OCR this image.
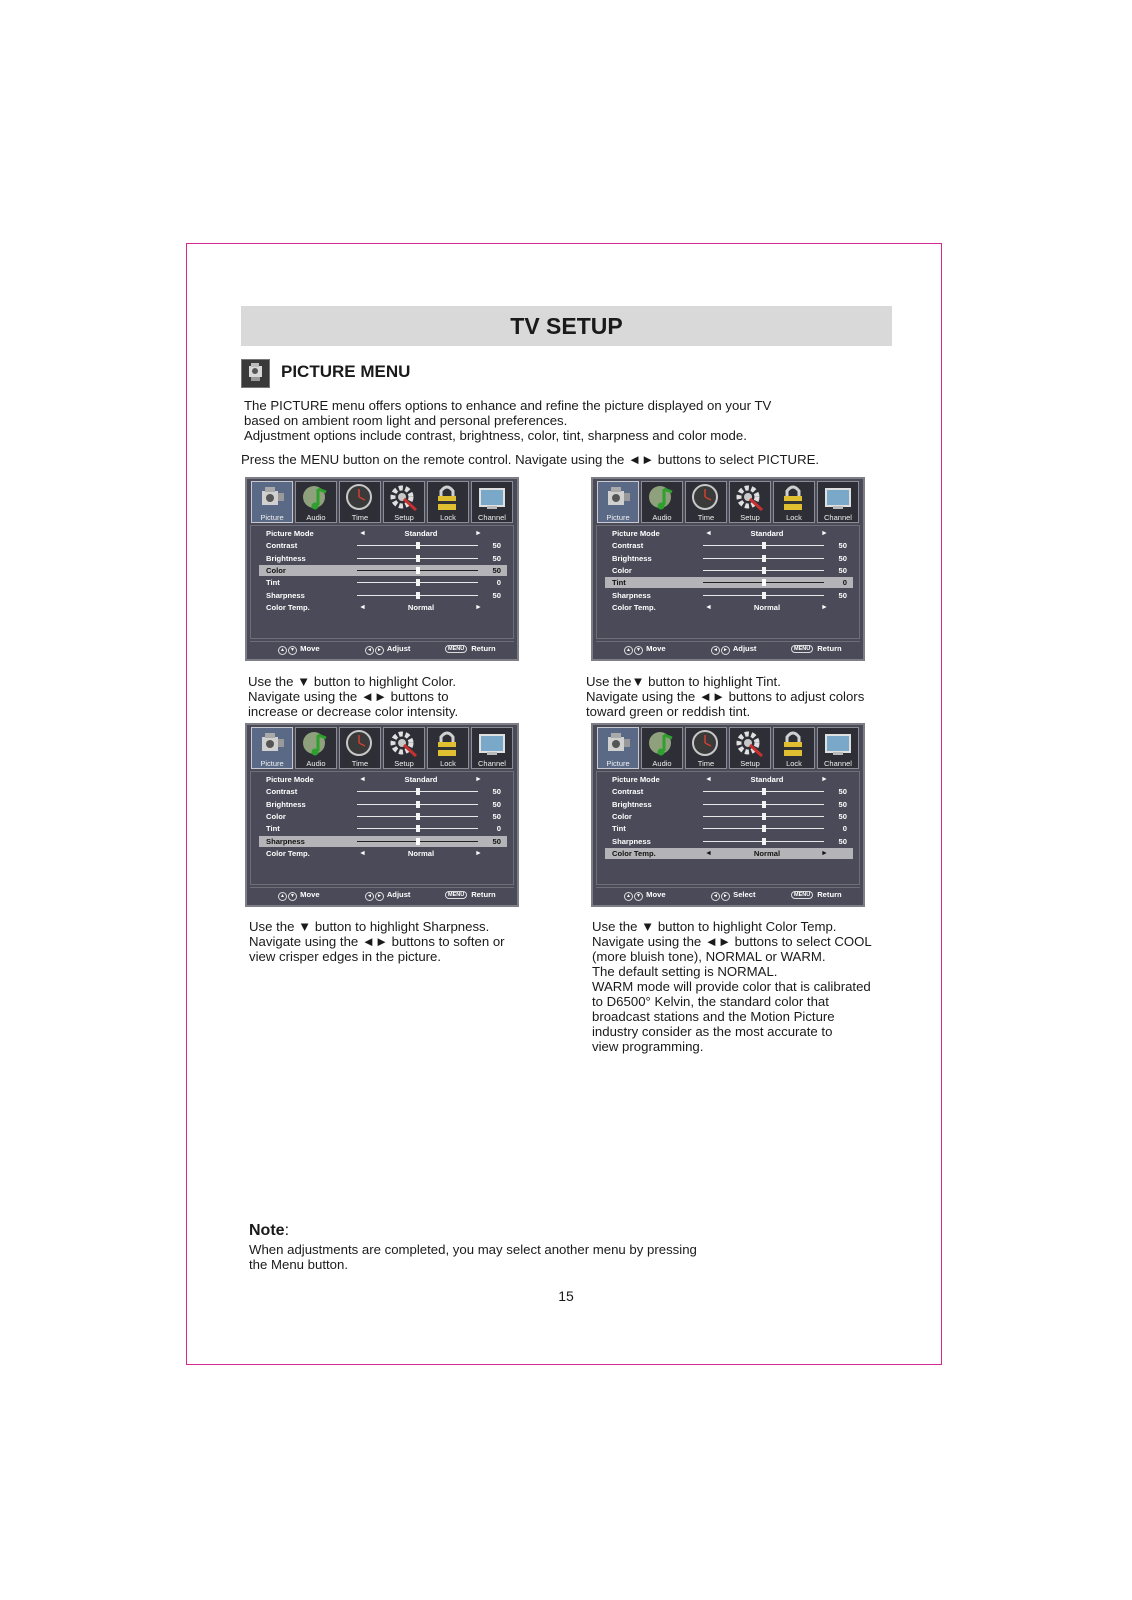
TV SETUP
PICTURE MENU
The PICTURE menu offers options to enhance and refine the picture displayed on your TV
based on ambient room light and personal preferences.
Adjustment options include contrast, brightness, color, tint, sharpness and color mode.
Press the MENU button on the remote control. Navigate using the ◄► buttons to select PICTURE.
Picture	Audio	Time	Setup	Lock	Channel
Picture Mode	◄	Standard	►
Contrast	50
Brightness	50
Color	50
Tint	0
Sharpness	50
Color Temp.	◄	Normal	►
▲ ▼ Move	◄ ► Adjust	MENU Return
Picture	Audio	Time	Setup	Lock	Channel
Picture Mode	◄	Standard	►
Contrast	50
Brightness	50
Color	50
Tint	0
Sharpness	50
Color Temp.	◄	Normal	►
▲ ▼ Move	◄ ► Adjust	MENU Return
Picture	Audio	Time	Setup	Lock	Channel
Picture Mode	◄	Standard	►
Contrast	50
Brightness	50
Color	50
Tint	0
Sharpness	50
Color Temp.	◄	Normal	►
▲ ▼ Move	◄ ► Adjust	MENU Return
Picture	Audio	Time	Setup	Lock	Channel
Picture Mode	◄	Standard	►
Contrast	50
Brightness	50
Color	50
Tint	0
Sharpness	50
Color Temp.	◄	Normal	►
▲ ▼ Move	◄ ► Select	MENU Return
Use the ▼ button to highlight Color.
Navigate using the ◄► buttons to
increase or decrease color intensity.
Use the▼ button to highlight Tint.
Navigate using the ◄► buttons to adjust colors
toward green or reddish tint.
Use the ▼ button to highlight Sharpness.
Navigate using the ◄► buttons to soften or
view crisper edges in the picture.
Use the ▼ button to highlight Color Temp.
Navigate using the ◄► buttons to select COOL
(more bluish tone), NORMAL or WARM.
The default setting is NORMAL.
WARM mode will provide color that is calibrated
to D6500° Kelvin, the standard color that
broadcast stations and the Motion Picture
industry consider as the most accurate to
view programming.
Note:
When adjustments are completed, you may select another menu by pressing
the Menu button.
15
